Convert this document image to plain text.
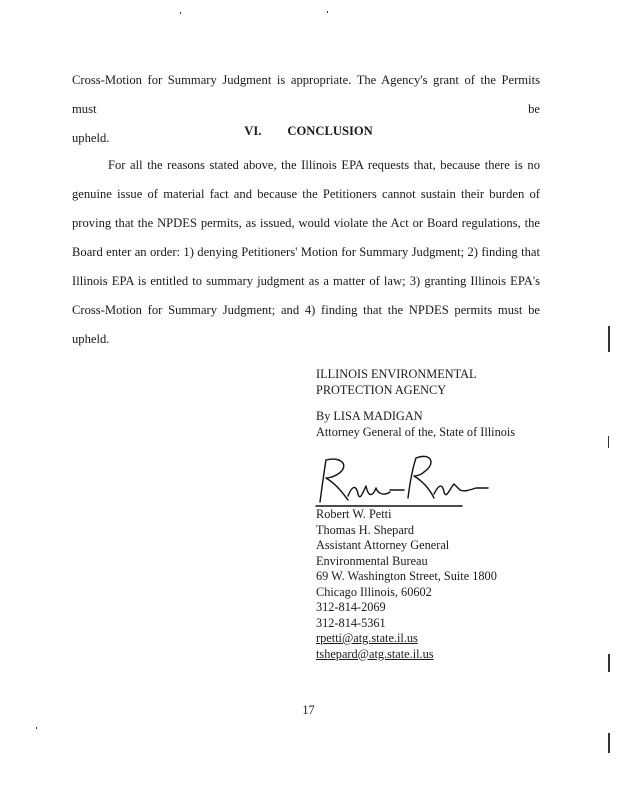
Cross-Motion for Summary Judgment is appropriate. The Agency's grant of the Permits must be
upheld.	VI. CONCLUSION
For all the reasons stated above, the Illinois EPA requests that, because there is no genuine issue of material fact and because the Petitioners cannot sustain their burden of proving that the NPDES permits, as issued, would violate the Act or Board regulations, the Board enter an order: 1) denying Petitioners' Motion for Summary Judgment; 2) finding that Illinois EPA is entitled to summary judgment as a matter of law; 3) granting Illinois EPA's Cross-Motion for Summary Judgment; and 4) finding that the NPDES permits must be upheld.
ILLINOIS ENVIRONMENTAL
PROTECTION AGENCY
By LISA MADIGAN
Attorney General of the, State of Illinois
Robert W. Petti
Thomas H. Shepard
Assistant Attorney General
Environmental Bureau
69 W. Washington Street, Suite 1800
Chicago Illinois, 60602
312-814-2069
312-814-5361
rpetti@atg.state.il.us
tshepard@atg.state.il.us
17
